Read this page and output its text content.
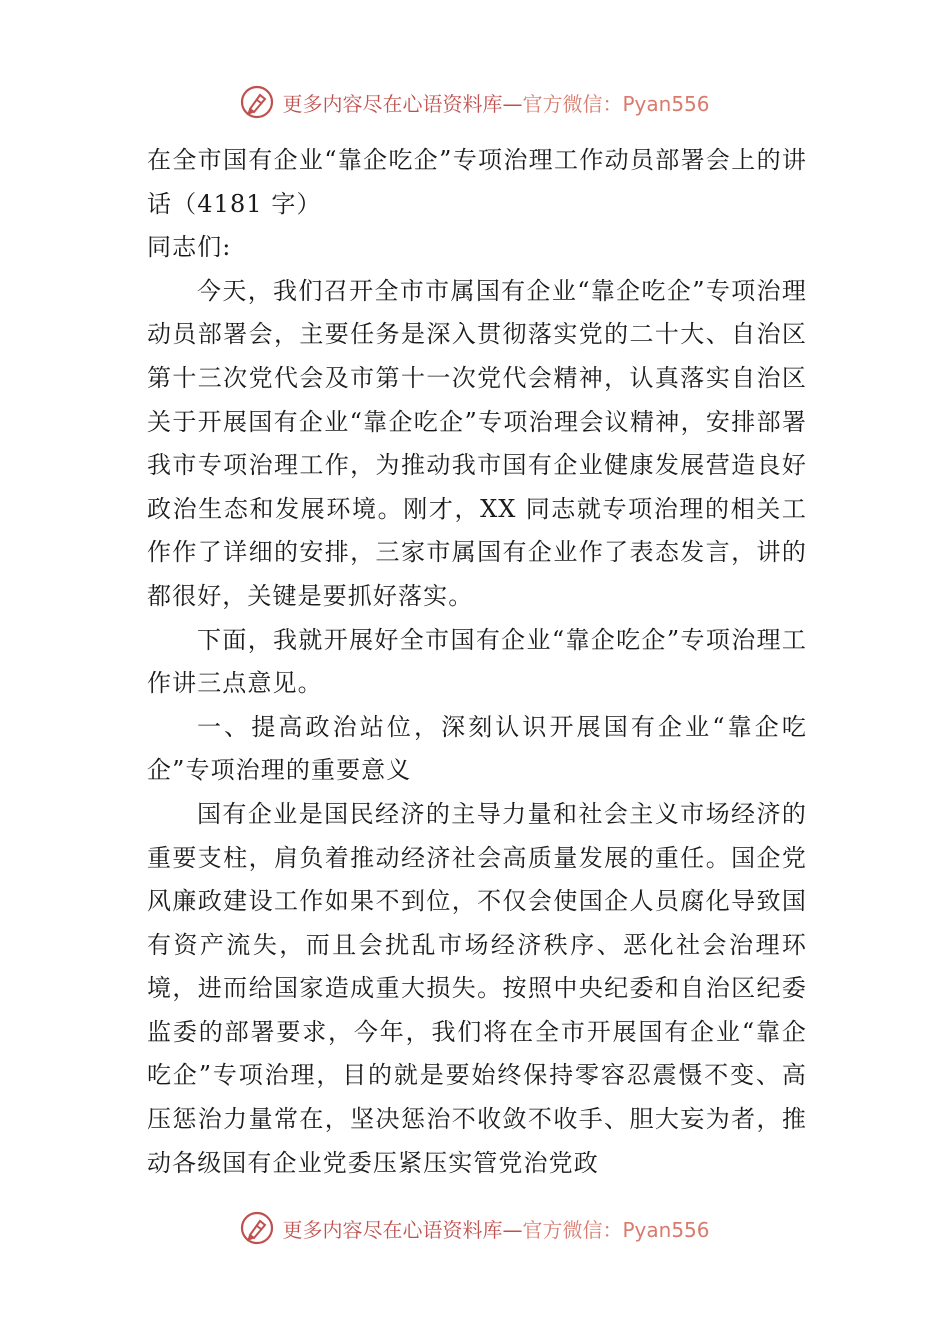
更多内容尽在心语资料库—官方微信：Pyan556

在全市国有企业“靠企吃企”专项治理工作动员部署会上的讲话（4181 字）

同志们:

今天，我们召开全市市属国有企业“靠企吃企”专项治理动员部署会，主要任务是深入贯彻落实党的二十大、自治区第十三次党代会及市第十一次党代会精神，认真落实自治区关于开展国有企业“靠企吃企”专项治理会议精神，安排部署我市专项治理工作，为推动我市国有企业健康发展营造良好政治生态和发展环境。刚才，XX 同志就专项治理的相关工作作了详细的安排，三家市属国有企业作了表态发言，讲的都很好，关键是要抓好落实。

下面，我就开展好全市国有企业“靠企吃企”专项治理工作讲三点意见。

一、提高政治站位，深刻认识开展国有企业“靠企吃企”专项治理的重要意义

国有企业是国民经济的主导力量和社会主义市场经济的重要支柱，肩负着推动经济社会高质量发展的重任。国企党风廉政建设工作如果不到位，不仅会使国企人员腐化导致国有资产流失，而且会扰乱市场经济秩序、恶化社会治理环境，进而给国家造成重大损失。按照中央纪委和自治区纪委监委的部署要求，今年，我们将在全市开展国有企业“靠企吃企”专项治理，目的就是要始终保持零容忍震慑不变、高压惩治力量常在，坚决惩治不收敛不收手、胆大妄为者，推动各级国有企业党委压紧压实管党治党政

更多内容尽在心语资料库—官方微信：Pyan556
